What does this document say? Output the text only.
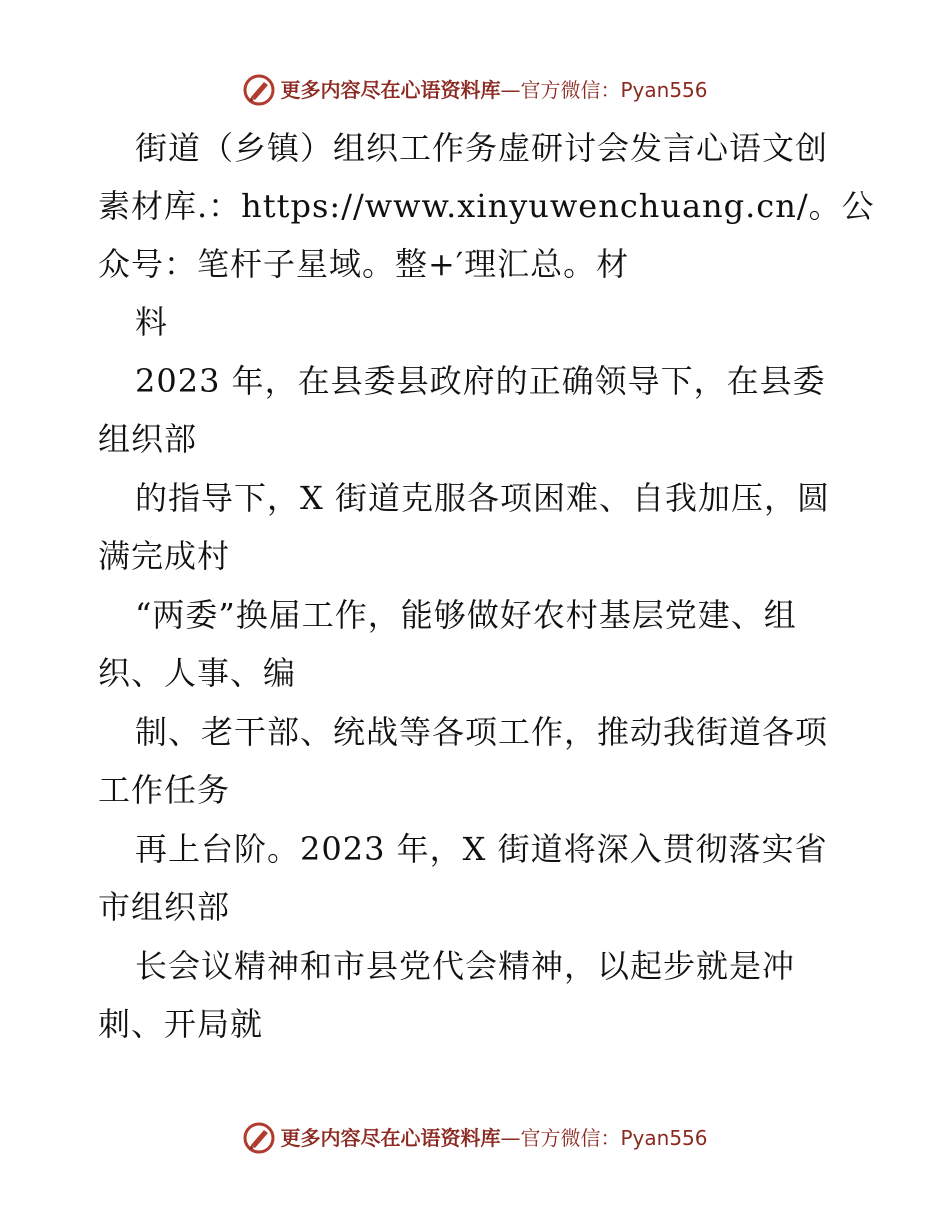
更多内容尽在心语资料库 — 官方微信： Pyan556
街道（乡镇）组织工作务虚研讨会发言心语文创
素材库.：https://www.xinyuwenchuang.cn/。公
众号：笔杆子星域。整+′理汇总。材
料
2023 年，在县委县政府的正确领导下，在县委
组织部
的指导下，X 街道克服各项困难、自我加压，圆
满完成村
“两委”换届工作，能够做好农村基层党建、组
织、人事、编
制、老干部、统战等各项工作，推动我街道各项
工作任务
再上台阶。2023 年，X 街道将深入贯彻落实省
市组织部
长会议精神和市县党代会精神，以起步就是冲
刺、开局就
更多内容尽在心语资料库 — 官方微信： Pyan556
